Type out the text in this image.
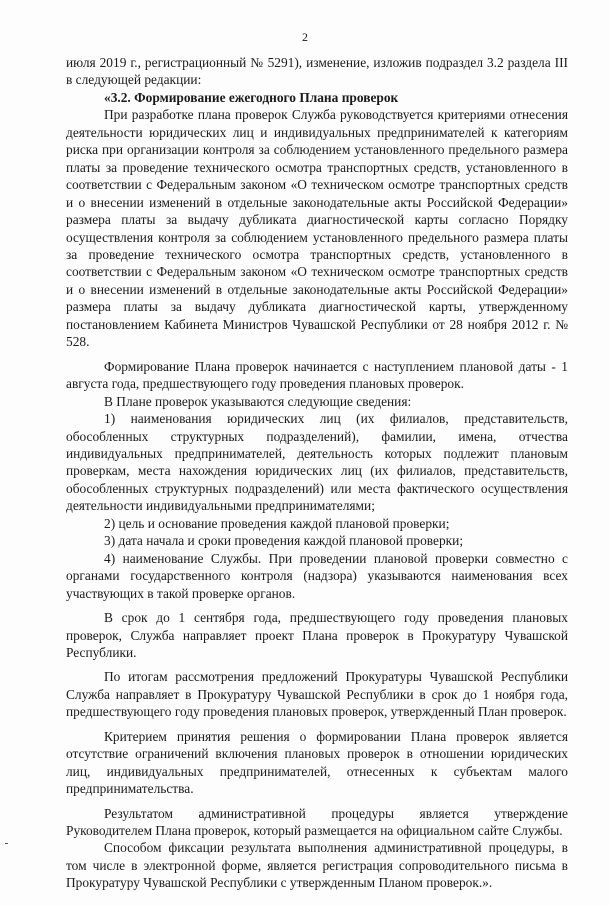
2

июля 2019 г., регистрационный № 5291), изменение, изложив подраздел 3.2 раздела III в следующей редакции:

«3.2. Формирование ежегодного Плана проверок

При разработке плана проверок Служба руководствуется критериями отнесения деятельности юридических лиц и индивидуальных предпринимателей к категориям риска при организации контроля за соблюдением установленного предельного размера платы за проведение технического осмотра транспортных средств, установленного в соответствии с Федеральным законом «О техническом осмотре транспортных средств и о внесении изменений в отдельные законодательные акты Российской Федерации» размера платы за выдачу дубликата диагностической карты согласно Порядку осуществления контроля за соблюдением установленного предельного размера платы за проведение технического осмотра транспортных средств, установленного в соответствии с Федеральным законом «О техническом осмотре транспортных средств и о внесении изменений в отдельные законодательные акты Российской Федерации» размера платы за выдачу дубликата диагностической карты, утвержденному постановлением Кабинета Министров Чувашской Республики от 28 ноября 2012 г. № 528.

Формирование Плана проверок начинается с наступлением плановой даты - 1 августа года, предшествующего году проведения плановых проверок.

В Плане проверок указываются следующие сведения:

1) наименования юридических лиц (их филиалов, представительств, обособленных структурных подразделений), фамилии, имена, отчества индивидуальных предпринимателей, деятельность которых подлежит плановым проверкам, места нахождения юридических лиц (их филиалов, представительств, обособленных структурных подразделений) или места фактического осуществления деятельности индивидуальными предпринимателями;

2) цель и основание проведения каждой плановой проверки;

3) дата начала и сроки проведения каждой плановой проверки;

4) наименование Службы. При проведении плановой проверки совместно с органами государственного контроля (надзора) указываются наименования всех участвующих в такой проверке органов.

В срок до 1 сентября года, предшествующего году проведения плановых проверок, Служба направляет проект Плана проверок в Прокуратуру Чувашской Республики.

По итогам рассмотрения предложений Прокуратуры Чувашской Республики Служба направляет в Прокуратуру Чувашской Республики в срок до 1 ноября года, предшествующего году проведения плановых проверок, утвержденный План проверок.

Критерием принятия решения о формировании Плана проверок является отсутствие ограничений включения плановых проверок в отношении юридических лиц, индивидуальных предпринимателей, отнесенных к субъектам малого предпринимательства.

Результатом административной процедуры является утверждение Руководителем Плана проверок, который размещается на официальном сайте Службы.

Способом фиксации результата выполнения административной процедуры, в том числе в электронной форме, является регистрация сопроводительного письма в Прокуратуру Чувашской Республики с утвержденным Планом проверок.».
